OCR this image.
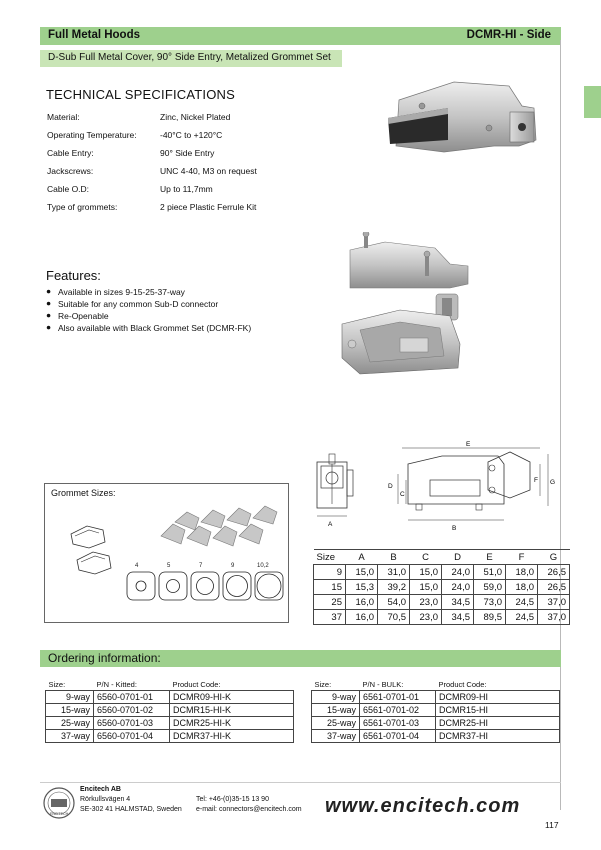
Full Metal Hoods	DCMR-HI - Side
D-Sub Full Metal Cover, 90° Side Entry, Metalized Grommet Set
TECHNICAL SPECIFICATIONS
Material:	Zinc, Nickel Plated
Operating Temperature:	-40°C to +120°C
Cable Entry:	90° Side Entry
Jackscrews:	UNC 4-40, M3 on request
Cable O.D:	Up to 11,7mm
Type of grommets:	2 piece Plastic Ferrule Kit
Features:
● Available in sizes 9-15-25-37-way
● Suitable for any common Sub-D connector
● Re-Openable
● Also available with Black Grommet Set (DCMR-FK)
A
E
D
C
F G
B
Grommet Sizes:
4	5	7	9	10,2
Size	A	B	C	D	E	F	G
9	15,0	31,0	15,0	24,0	51,0	18,0	26,5
15	15,3	39,2	15,0	24,0	59,0	18,0	26,5
25	16,0	54,0	23,0	34,5	73,0	24,5	37,0
37	16,0	70,5	23,0	34,5	89,5	24,5	37,0
Ordering information:
Size:	P/N - Kitted:	Product Code:
9-way	6560-0701-01	DCMR09-HI-K
15-way	6560-0701-02	DCMR15-HI-K
25-way	6560-0701-03	DCMR25-HI-K
37-way	6560-0701-04	DCMR37-HI-K
Size:	P/N - BULK:	Product Code:
9-way	6561-0701-01	DCMR09-HI
15-way	6561-0701-02	DCMR15-HI
25-way	6561-0701-03	DCMR25-HI
37-way	6561-0701-04	DCMR37-HI
ENCITECH
Encitech AB
Rörkullsvägen 4
SE-302 41 HALMSTAD, Sweden
Tel: +46-(0)35-15 13 90
e-mail: connectors@encitech.com www.encitech.com
117
